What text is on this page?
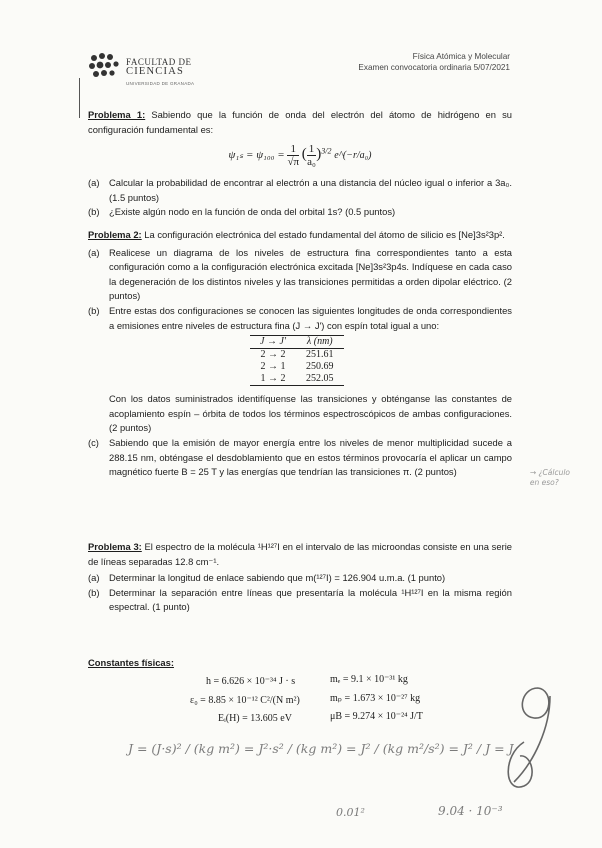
FACULTAD DE
CIENCIAS
UNIVERSIDAD DE GRANADA
Física Atómica y Molecular
Examen convocatoria ordinaria 5/07/2021
Problema 1: Sabiendo que la función de onda del electrón del átomo de hidrógeno en su configuración fundamental es:
$\psi_{1s} = \psi_{100} = \frac{1}{√\pi}$ ( $\frac{1}{\text{a₀}} )^{3/2}$ e^(−r/a₀)
(a) Calcular la probabilidad de encontrar al electrón a una distancia del núcleo igual o inferior a 3a₀. (1.5 puntos)
(b) ¿Existe algún nodo en la función de onda del orbital 1s? (0.5 puntos)
Problema 2: La configuración electrónica del estado fundamental del átomo de silicio es [Ne]3s²3p².
(a) Realicese un diagrama de los niveles de estructura fina correspondientes tanto a esta configuración como a la configuración electrónica excitada [Ne]3s²3p4s. Indíquese en cada caso la degeneración de los distintos niveles y las transiciones permitidas a orden dipolar eléctrico. (2 puntos)
(b) Entre estas dos configuraciones se conocen las siguientes longitudes de onda correspondientes a emisiones entre niveles de estructura fina (J → J') con espín total igual a uno:
J → J'	λ (nm)
2 → 2	251.61
2 → 1	250.69
1 → 2	252.05
Con los datos suministrados identifíquense las transiciones y obténganse las constantes de acoplamiento espín – órbita de todos los términos espectroscópicos de ambas configuraciones. (2 puntos)
(c) Sabiendo que la emisión de mayor energía entre los niveles de menor multiplicidad sucede a 288.15 nm, obténgase el desdoblamiento que en estos términos provocaría el aplicar un campo magnético fuerte B = 25 T y las energías que tendrían las transiciones π. (2 puntos)	→ ¿Cálculo
en eso?
Problema 3: El espectro de la molécula ¹H¹²⁷I en el intervalo de las microondas consiste en una serie de líneas separadas 12.8 cm⁻¹.
(a) Determinar la longitud de enlace sabiendo que m(¹²⁷I) = 126.904 u.m.a. (1 punto)
(b) Determinar la separación entre líneas que presentaría la molécula ¹H¹²⁷I en la misma región espectral. (1 punto)
Constantes físicas:
h = 6.626 × 10⁻³⁴ J · s	mₑ = 9.1 × 10⁻³¹ kg
ε₀ = 8.85 × 10⁻¹² C²/(N m²)	mₚ = 1.673 × 10⁻²⁷ kg
Eᵢ(H) = 13.605 eV	μB = 9.274 × 10⁻²⁴ J/T
J = (J·s)² / (kg m²) = J²·s² / (kg m²) = J² / (kg m²/s²) = J² / J = J
0.01²	9.04 · 10⁻³
